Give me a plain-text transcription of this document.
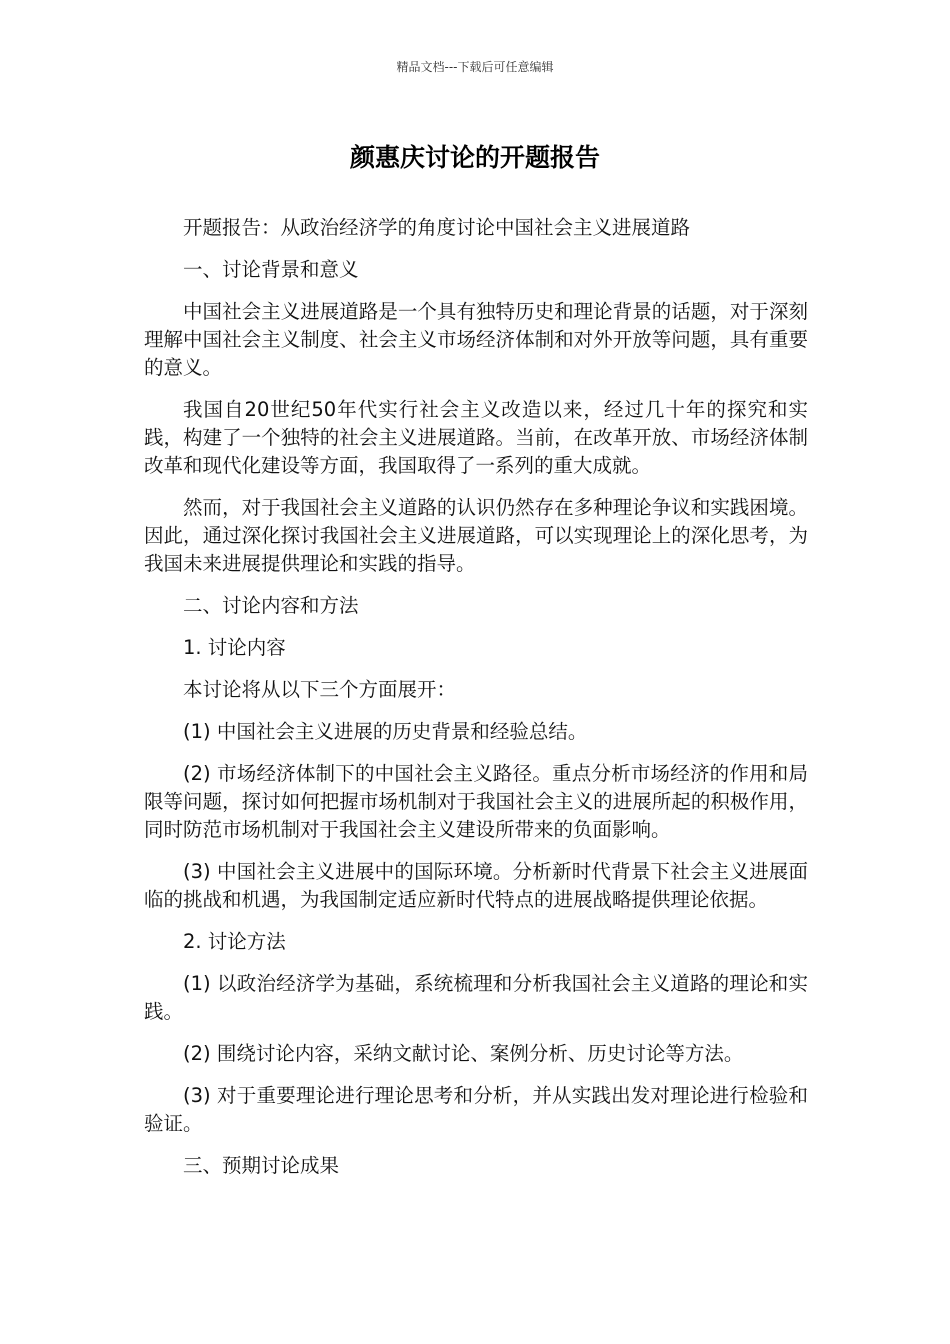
精品文档---下载后可任意编辑
颜惠庆讨论的开题报告

开题报告：从政治经济学的角度讨论中国社会主义进展道路

一、讨论背景和意义

中国社会主义进展道路是一个具有独特历史和理论背景的话题，对于深刻理解中国社会主义制度、社会主义市场经济体制和对外开放等问题，具有重要的意义。

我国自20世纪50年代实行社会主义改造以来，经过几十年的探究和实践，构建了一个独特的社会主义进展道路。当前，在改革开放、市场经济体制改革和现代化建设等方面，我国取得了一系列的重大成就。

然而，对于我国社会主义道路的认识仍然存在多种理论争议和实践困境。因此，通过深化探讨我国社会主义进展道路，可以实现理论上的深化思考，为我国未来进展提供理论和实践的指导。

二、讨论内容和方法

1. 讨论内容

本讨论将从以下三个方面展开：

(1) 中国社会主义进展的历史背景和经验总结。

(2) 市场经济体制下的中国社会主义路径。重点分析市场经济的作用和局限等问题，探讨如何把握市场机制对于我国社会主义的进展所起的积极作用，同时防范市场机制对于我国社会主义建设所带来的负面影响。

(3) 中国社会主义进展中的国际环境。分析新时代背景下社会主义进展面临的挑战和机遇，为我国制定适应新时代特点的进展战略提供理论依据。

2. 讨论方法

(1) 以政治经济学为基础，系统梳理和分析我国社会主义道路的理论和实践。

(2) 围绕讨论内容，采纳文献讨论、案例分析、历史讨论等方法。

(3) 对于重要理论进行理论思考和分析，并从实践出发对理论进行检验和验证。

三、预期讨论成果
